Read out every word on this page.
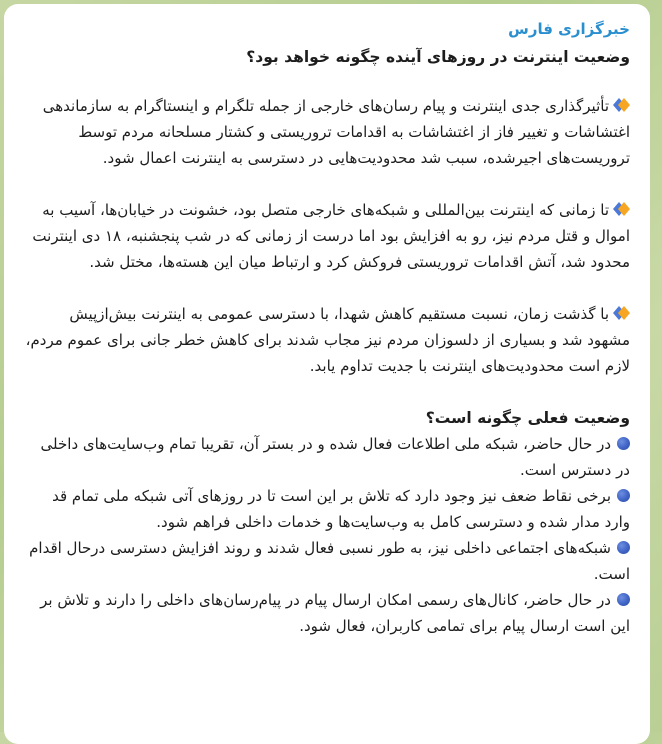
خبرگزاری فارس
وضعیت اینترنت در روزهای آینده چگونه خواهد بود؟
تأثیرگذاری جدی اینترنت و پیام رسان‌های خارجی از جمله تلگرام و اینستاگرام به سازماندهی اغتشاشات و تغییر فاز از اغتشاشات به اقدامات تروریستی و کشتار مسلحانه مردم توسط تروریست‌های اجیرشده، سبب شد محدودیت‌هایی در دسترسی به اینترنت اعمال شود.
تا زمانی که اینترنت بین‌المللی و شبکه‌های خارجی متصل بود، خشونت در خیابان‌ها، آسیب به اموال و قتل مردم نیز، رو به افزایش بود اما درست از زمانی که در شب پنجشنبه، ۱۸ دی اینترنت محدود شد، آتش اقدامات تروریستی فروکش کرد و ارتباط میان این هسته‌ها، مختل شد.
با گذشت زمان، نسبت مستقیم کاهش شهدا، با دسترسی عمومی به اینترنت بیش‌ازپیش مشهود شد و بسیاری از دلسوزان مردم نیز مجاب شدند برای کاهش خطر جانی برای عموم مردم، لازم است محدودیت‌های اینترنت با جدیت تداوم یابد.
وضعیت فعلی چگونه است؟
در حال حاضر، شبکه ملی اطلاعات فعال شده و در بستر آن، تقریبا تمام وب‌سایت‌های داخلی در دسترس است.
برخی نقاط ضعف نیز وجود دارد که تلاش بر این است تا در روزهای آتی شبکه ملی تمام قد وارد مدار شده و دسترسی کامل به وب‌سایت‌ها و خدمات داخلی فراهم شود.
شبکه‌های اجتماعی داخلی نیز، به طور نسبی فعال شدند و روند افزایش دسترسی درحال اقدام است.
در حال حاضر، کانال‌های رسمی امکان ارسال پیام در پیام‌رسان‌های داخلی را دارند و تلاش بر این است ارسال پیام برای تمامی کاربران، فعال شود.
